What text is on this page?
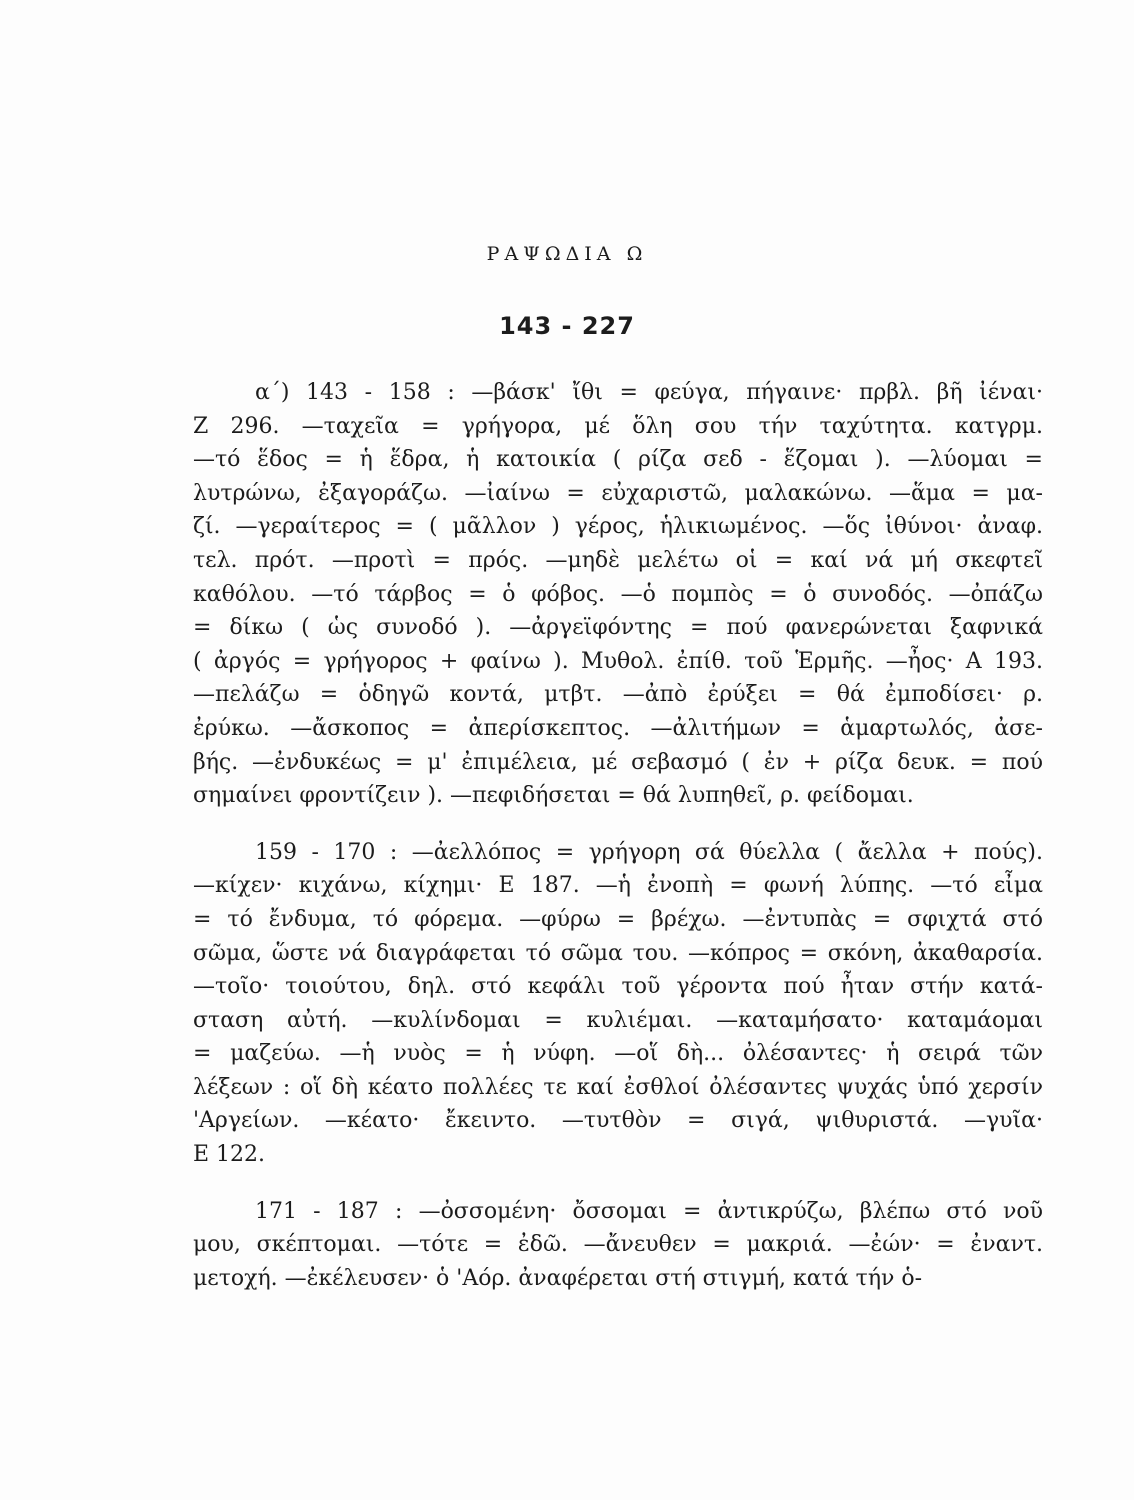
ΡΑΨΩΔΙΑ Ω
143 - 227
α΄) 143 - 158 : —βάσκ' ἴθι = φεύγα, πήγαινε· πρβλ. βῆ ἰέναι·
Ζ 296. —ταχεῖα = γρήγορα, μέ ὅλη σου τήν ταχύτητα. κατγρμ.
—τό ἕδος = ἡ ἕδρα, ἡ κατοικία ( ρίζα σεδ - ἕζομαι ). —λύομαι =
λυτρώνω, ἐξαγοράζω. —ἰαίνω = εὐχαριστῶ, μαλακώνω. —ἅμα = μα-
ζί. —γεραίτερος = ( μᾶλλον ) γέρος, ἡλικιωμένος. —ὅς ἰθύνοι· ἀναφ.
τελ. πρότ. —προτὶ = πρός. —μηδὲ μελέτω οἱ = καί νά μή σκεφτεῖ
καθόλου. —τό τάρβος = ὁ φόβος. —ὁ πομπὸς = ὁ συνοδός. —ὀπάζω
= δίκω ( ὡς συνοδό ). —ἀργεϊφόντης = πού φανερώνεται ξαφνικά
( ἀργός = γρήγορος + φαίνω ). Μυθολ. ἐπίθ. τοῦ Ἑρμῆς. —ἦος· Α 193.
—πελάζω = ὁδηγῶ κοντά, μτβτ. —ἀπὸ ἐρύξει = θά ἐμποδίσει· ρ.
ἐρύκω. —ἄσκοπος = ἀπερίσκεπτος. —ἀλιτήμων = ἁμαρτωλός, ἀσε-
βής. —ἐνδυκέως = μ' ἐπιμέλεια, μέ σεβασμό ( ἐν + ρίζα δευκ. = πού
σημαίνει φροντίζειν ). —πεφιδήσεται = θά λυπηθεῖ, ρ. φείδομαι.
159 - 170 : —ἀελλόπος = γρήγορη σά θύελλα ( ἄελλα + πούς).
—κίχεν· κιχάνω, κίχημι· Ε 187. —ἡ ἐνοπὴ = φωνή λύπης. —τό εἶμα
= τό ἔνδυμα, τό φόρεμα. —φύρω = βρέχω. —ἐντυπὰς = σφιχτά στό
σῶμα, ὥστε νά διαγράφεται τό σῶμα του. —κόπρος = σκόνη, ἀκαθαρσία.
—τοῖο· τοιούτου, δηλ. στό κεφάλι τοῦ γέροντα πού ἦταν στήν κατά-
σταση αὐτή. —κυλίνδομαι = κυλιέμαι. —καταμήσατο· καταμάομαι
= μαζεύω. —ἡ νυὸς = ἡ νύφη. —οἵ δὴ... ὀλέσαντες· ἡ σειρά τῶν
λέξεων : οἵ δὴ κέατο πολλέες τε καί ἐσθλοί ὀλέσαντες ψυχάς ὑπό χερσίν
'Αργείων. —κέατο· ἔκειντο. —τυτθὸν = σιγά, ψιθυριστά. —γυῖα·
Ε 122.
171 - 187 : —ὀσσομένη· ὄσσομαι = ἀντικρύζω, βλέπω στό νοῦ
μου, σκέπτομαι. —τότε = ἐδῶ. —ἄνευθεν = μακριά. —ἐών· = ἐναντ.
μετοχή. —ἐκέλευσεν· ὁ 'Αόρ. ἀναφέρεται στή στιγμή, κατά τήν ὁ-
